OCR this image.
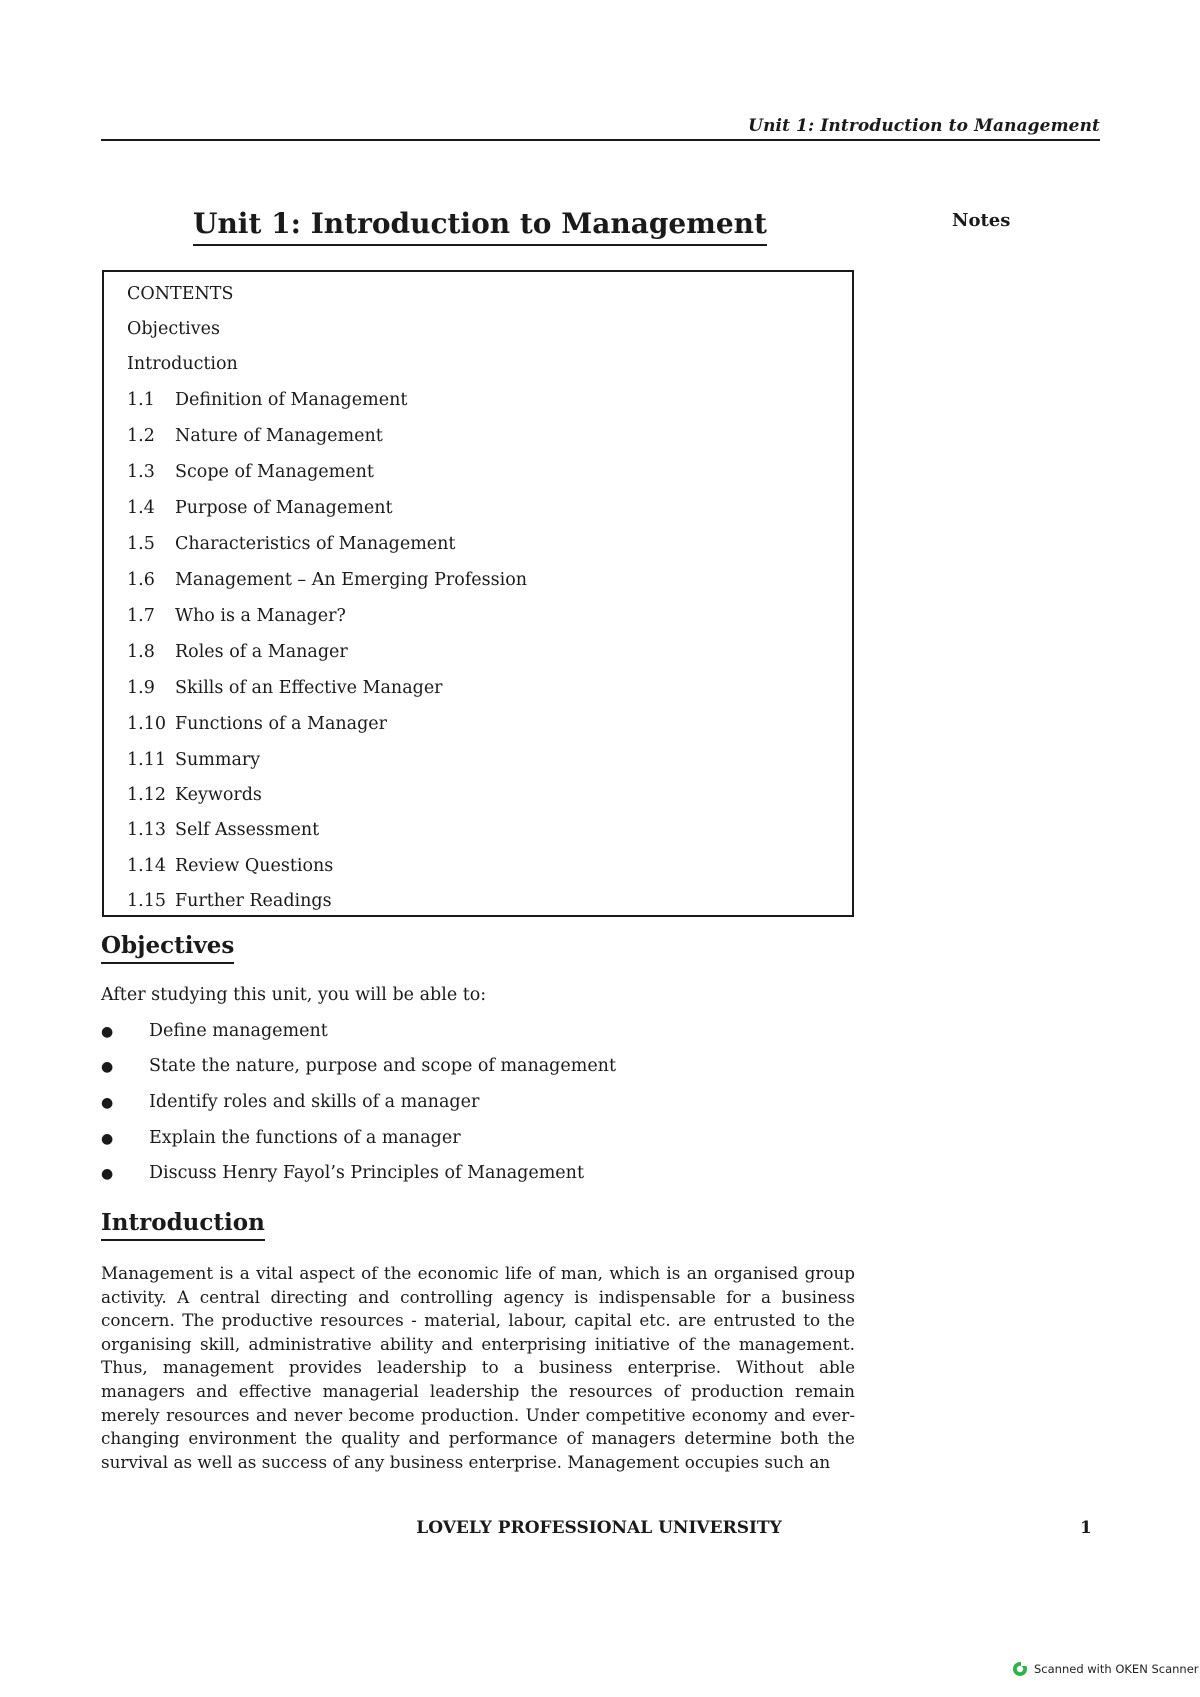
Unit 1: Introduction to Management
Unit 1: Introduction to Management	Notes
CONTENTS
Objectives
Introduction
1.1 Definition of Management
1.2 Nature of Management
1.3 Scope of Management
1.4 Purpose of Management
1.5 Characteristics of Management
1.6 Management – An Emerging Profession
1.7 Who is a Manager?
1.8 Roles of a Manager
1.9 Skills of an Effective Manager
1.10 Functions of a Manager
1.11 Summary
1.12 Keywords
1.13 Self Assessment
1.14 Review Questions
1.15 Further Readings
Objectives
After studying this unit, you will be able to:
● Define management
● State the nature, purpose and scope of management
● Identify roles and skills of a manager
● Explain the functions of a manager
● Discuss Henry Fayol’s Principles of Management
Introduction

Management is a vital aspect of the economic life of man, which is an organised group activity. A central directing and controlling agency is indispensable for a business concern. The productive resources - material, labour, capital etc. are entrusted to the organising skill, administrative ability and enterprising initiative of the management. Thus, management provides leadership to a business enterprise. Without able managers and effective managerial leadership the resources of production remain merely resources and never become production. Under competitive economy and ever-changing environment the quality and performance of managers determine both the survival as well as success of any business enterprise. Management occupies such an

LOVELY PROFESSIONAL UNIVERSITY	1
Scanned with OKEN Scanner
